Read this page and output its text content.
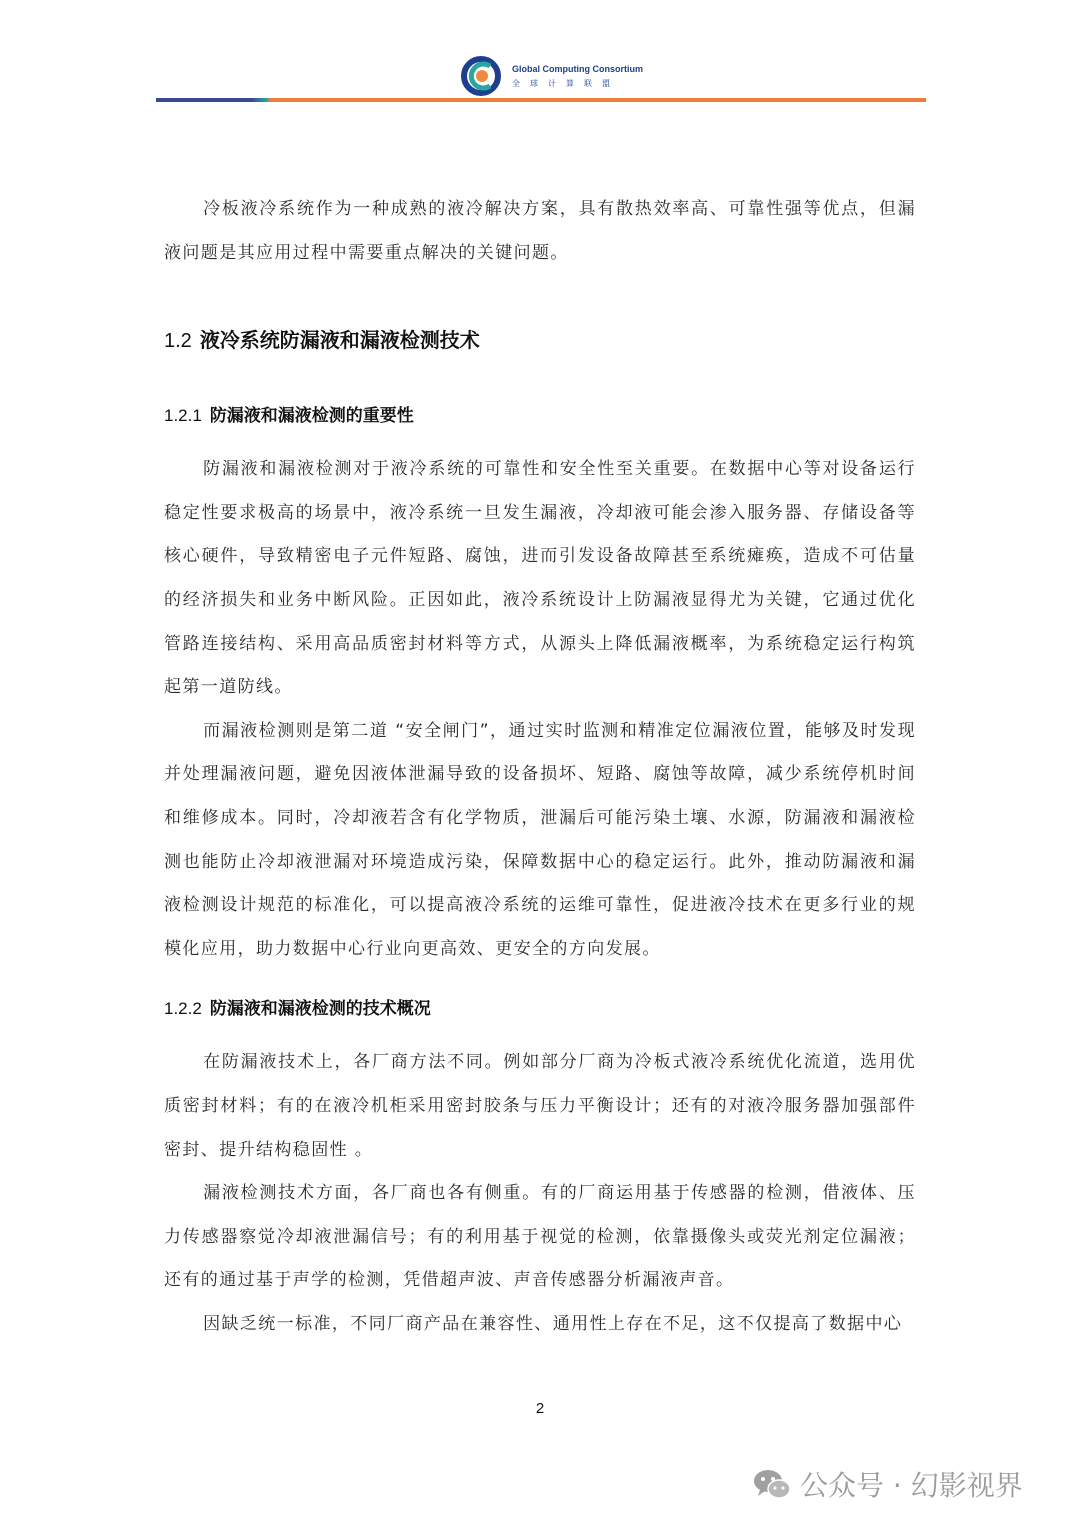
Global Computing Consortium
全球计算联盟

冷板液冷系统作为一种成熟的液冷解决方案，具有散热效率高、可靠性强等优点，但漏液问题是其应用过程中需要重点解决的关键问题。

1.2 液冷系统防漏液和漏液检测技术
1.2.1 防漏液和漏液检测的重要性

防漏液和漏液检测对于液冷系统的可靠性和安全性至关重要。在数据中心等对设备运行稳定性要求极高的场景中，液冷系统一旦发生漏液，冷却液可能会渗入服务器、存储设备等核心硬件，导致精密电子元件短路、腐蚀，进而引发设备故障甚至系统瘫痪，造成不可估量的经济损失和业务中断风险。正因如此，液冷系统设计上防漏液显得尤为关键，它通过优化管路连接结构、采用高品质密封材料等方式，从源头上降低漏液概率，为系统稳定运行构筑起第一道防线。

而漏液检测则是第二道 “安全闸门”，通过实时监测和精准定位漏液位置，能够及时发现并处理漏液问题，避免因液体泄漏导致的设备损坏、短路、腐蚀等故障，减少系统停机时间和维修成本。同时，冷却液若含有化学物质，泄漏后可能污染土壤、水源，防漏液和漏液检测也能防止冷却液泄漏对环境造成污染，保障数据中心的稳定运行。此外，推动防漏液和漏液检测设计规范的标准化，可以提高液冷系统的运维可靠性，促进液冷技术在更多行业的规模化应用，助力数据中心行业向更高效、更安全的方向发展。

1.2.2 防漏液和漏液检测的技术概况

在防漏液技术上，各厂商方法不同。例如部分厂商为冷板式液冷系统优化流道，选用优质密封材料；有的在液冷机柜采用密封胶条与压力平衡设计；还有的对液冷服务器加强部件密封、提升结构稳固性 。

漏液检测技术方面，各厂商也各有侧重。有的厂商运用基于传感器的检测，借液体、压力传感器察觉冷却液泄漏信号；有的利用基于视觉的检测，依靠摄像头或荧光剂定位漏液；还有的通过基于声学的检测，凭借超声波、声音传感器分析漏液声音。

因缺乏统一标准，不同厂商产品在兼容性、通用性上存在不足，这不仅提高了数据中心

2
公众号 · 幻影视界
